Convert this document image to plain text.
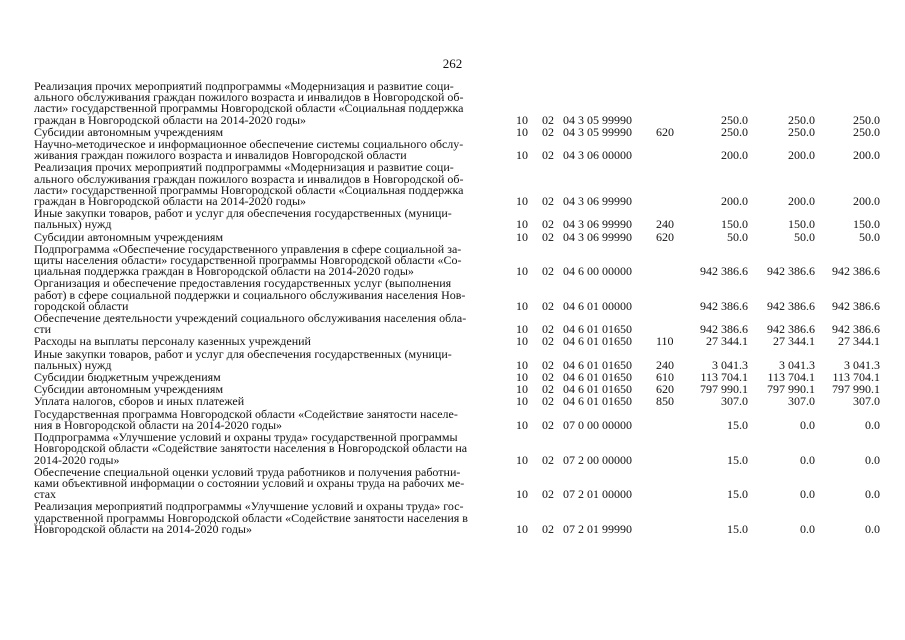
262
Реализация прочих мероприятий подпрограммы «Модернизация и развитие соци-
ального обслуживания граждан пожилого возраста и инвалидов в Новгородской об-
ласти» государственной программы Новгородской области «Социальная поддержка
граждан в Новгородской области на 2014-2020 годы»	10	02	04 3 05 99990		250.0	250.0	250.0

Субсидии автономным учреждениям	10	02	04 3 05 99990	620	250.0	250.0	250.0

Научно-методическое и информационное обеспечение системы социального обслу-
живания граждан пожилого возраста и инвалидов Новгородской области	10	02	04 3 06 00000		200.0	200.0	200.0

Реализация прочих мероприятий подпрограммы «Модернизация и развитие соци-
ального обслуживания граждан пожилого возраста и инвалидов в Новгородской об-
ласти» государственной программы Новгородской области «Социальная поддержка
граждан в Новгородской области на 2014-2020 годы»	10	02	04 3 06 99990		200.0	200.0	200.0

Иные закупки товаров, работ и услуг для обеспечения государственных (муници-
пальных) нужд	10	02	04 3 06 99990	240	150.0	150.0	150.0

Субсидии автономным учреждениям	10	02	04 3 06 99990	620	50.0	50.0	50.0

Подпрограмма «Обеспечение государственного управления в сфере социальной за-
щиты населения области» государственной программы Новгородской области «Со-
циальная поддержка граждан в Новгородской области на 2014-2020 годы»	10	02	04 6 00 00000		942 386.6	942 386.6	942 386.6

Организация и обеспечение предоставления государственных услуг (выполнения
работ) в сфере социальной поддержки и социального обслуживания населения Нов-
городской области	10	02	04 6 01 00000		942 386.6	942 386.6	942 386.6

Обеспечение деятельности учреждений социального обслуживания населения обла-
сти	10	02	04 6 01 01650		942 386.6	942 386.6	942 386.6

Расходы на выплаты персоналу казенных учреждений	10	02	04 6 01 01650	110	27 344.1	27 344.1	27 344.1

Иные закупки товаров, работ и услуг для обеспечения государственных (муници-
пальных) нужд	10	02	04 6 01 01650	240	3 041.3	3 041.3	3 041.3

Субсидии бюджетным учреждениям	10	02	04 6 01 01650	610	113 704.1	113 704.1	113 704.1

Субсидии автономным учреждениям	10	02	04 6 01 01650	620	797 990.1	797 990.1	797 990.1

Уплата налогов, сборов и иных платежей	10	02	04 6 01 01650	850	307.0	307.0	307.0

Государственная программа Новгородской области «Содействие занятости населе-
ния в Новгородской области на 2014-2020 годы»	10	02	07 0 00 00000		15.0	0.0	0.0

Подпрограмма «Улучшение условий и охраны труда» государственной программы
Новгородской области «Содействие занятости населения в Новгородской области на
2014-2020 годы»	10	02	07 2 00 00000		15.0	0.0	0.0

Обеспечение специальной оценки условий труда работников и получения работни-
ками объективной информации о состоянии условий и охраны труда на рабочих ме-
стах	10	02	07 2 01 00000		15.0	0.0	0.0

Реализация мероприятий подпрограммы «Улучшение условий и охраны труда» гос-
ударственной программы Новгородской области «Содействие занятости населения в
Новгородской области на 2014-2020 годы»	10	02	07 2 01 99990		15.0	0.0	0.0
